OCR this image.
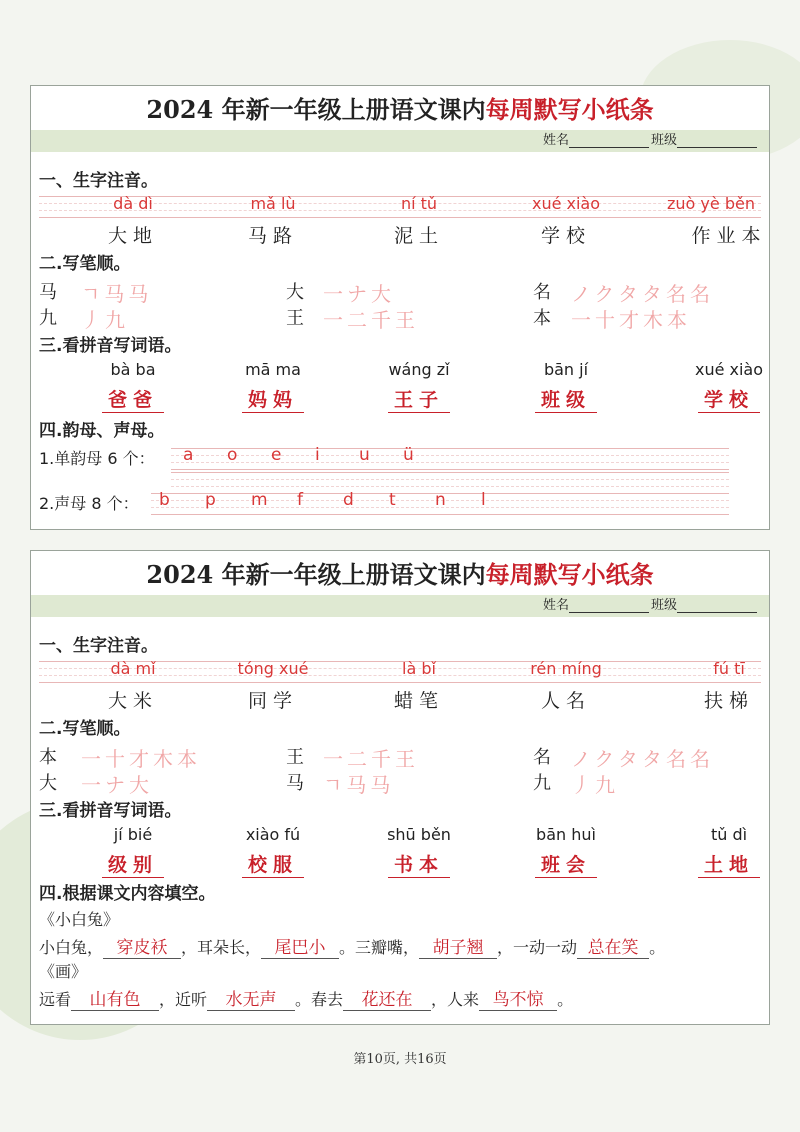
2024 年新一年级上册语文课内每周默写小纸条
姓名	班级
一、生字注音。
dà dì	mǎ lù	ní tǔ	xué xiào	zuò yè běn
大地	马路	泥土	学校	作业本
二.写笔顺。
马 ㄱ马马	大 一ナ大	名 ノクタタ名名
九 丿九	王 一二千王	本 一十才木本
三.看拼音写词语。
bà ba	mā ma	wáng zǐ	bān jí	xué xiào
爸爸	妈妈	王子	班级	学校
四.韵母、声母。
1.单韵母 6 个： a o e i u ü
2.声母 8 个： b p m f d t n l
2024 年新一年级上册语文课内每周默写小纸条
姓名	班级
一、生字注音。
dà mǐ	tóng xué	là bǐ	rén míng	fú tī
大米	同学	蜡笔	人名	扶梯
二.写笔顺。
本 一十才木本	王 一二千王	名 ノクタタ名名
大 一ナ大	马 ㄱ马马	九 丿九
三.看拼音写词语。
jí bié	xiào fú	shū běn	bān huì	tǔ dì
级别	校服	书本	班会	土地
四.根据课文内容填空。
《小白兔》
小白兔， 穿皮袄 ，耳朵长， 尾巴小 。三瓣嘴， 胡子翘 ，一动一动 总在笑 。
《画》
远看 山有色 ，近听 水无声 。春去 花还在 ，人来 鸟不惊 。
第10页, 共16页
